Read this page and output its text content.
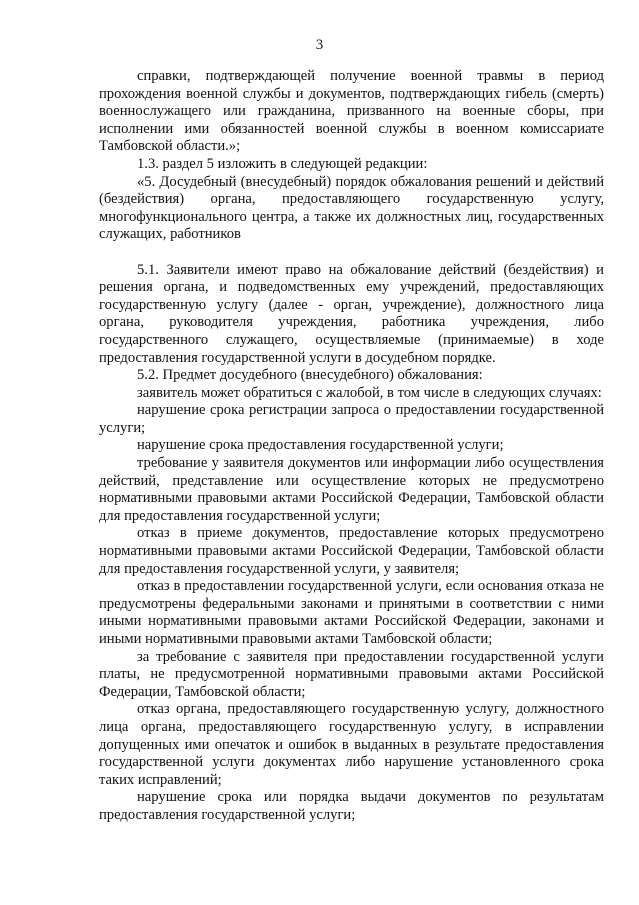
3

справки, подтверждающей получение военной травмы в период прохождения военной службы и документов, подтверждающих гибель (смерть) военнослужащего или гражданина, призванного на военные сборы, при исполнении ими обязанностей военной службы в военном комиссариате Тамбовской области.»;

1.3. раздел 5 изложить в следующей редакции:

«5. Досудебный (внесудебный) порядок обжалования решений и действий (бездействия) органа, предоставляющего государственную услугу, многофункционального центра, а также их должностных лиц, государственных служащих, работников

5.1. Заявители имеют право на обжалование действий (бездействия) и решения органа, и подведомственных ему учреждений, предоставляющих государственную услугу (далее - орган, учреждение), должностного лица органа, руководителя учреждения, работника учреждения, либо государственного служащего, осуществляемые (принимаемые) в ходе предоставления государственной услуги в досудебном порядке.

5.2. Предмет досудебного (внесудебного) обжалования:

заявитель может обратиться с жалобой, в том числе в следующих случаях:

нарушение срока регистрации запроса о предоставлении государственной услуги;

нарушение срока предоставления государственной услуги;

требование у заявителя документов или информации либо осуществления действий, представление или осуществление которых не предусмотрено нормативными правовыми актами Российской Федерации, Тамбовской области для предоставления государственной услуги;

отказ в приеме документов, предоставление которых предусмотрено нормативными правовыми актами Российской Федерации, Тамбовской области для предоставления государственной услуги, у заявителя;

отказ в предоставлении государственной услуги, если основания отказа не предусмотрены федеральными законами и принятыми в соответствии с ними иными нормативными правовыми актами Российской Федерации, законами и иными нормативными правовыми актами Тамбовской области;

за требование с заявителя при предоставлении государственной услуги платы, не предусмотренной нормативными правовыми актами Российской Федерации, Тамбовской области;

отказ органа, предоставляющего государственную услугу, должностного лица органа, предоставляющего государственную услугу, в исправлении допущенных ими опечаток и ошибок в выданных в результате предоставления государственной услуги документах либо нарушение установленного срока таких исправлений;

нарушение срока или порядка выдачи документов по результатам предоставления государственной услуги;
